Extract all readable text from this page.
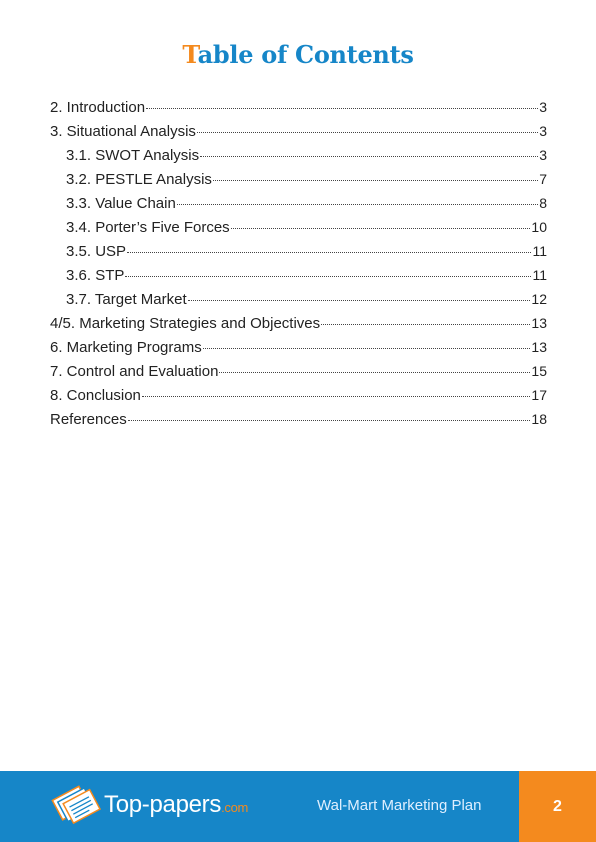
Table of Contents
2 . Introduction	3
3 . Situational Analysis	3
3.1 . SWOT Analysis	3
3.2 . PESTLE Analysis	7
3.3 . Value Chain	8
3.4 . Porter’s Five Forces	10
3.5 . USP	11
3.6 . STP	11
3.7 . Target Market	12
4/5 . Marketing Strategies and Objectives	13
6 . Marketing Programs	13
7 . Control and Evaluation	15
8 . Conclusion	17
References	18
Top-papers.com	Wal-Mart Marketing Plan	2
